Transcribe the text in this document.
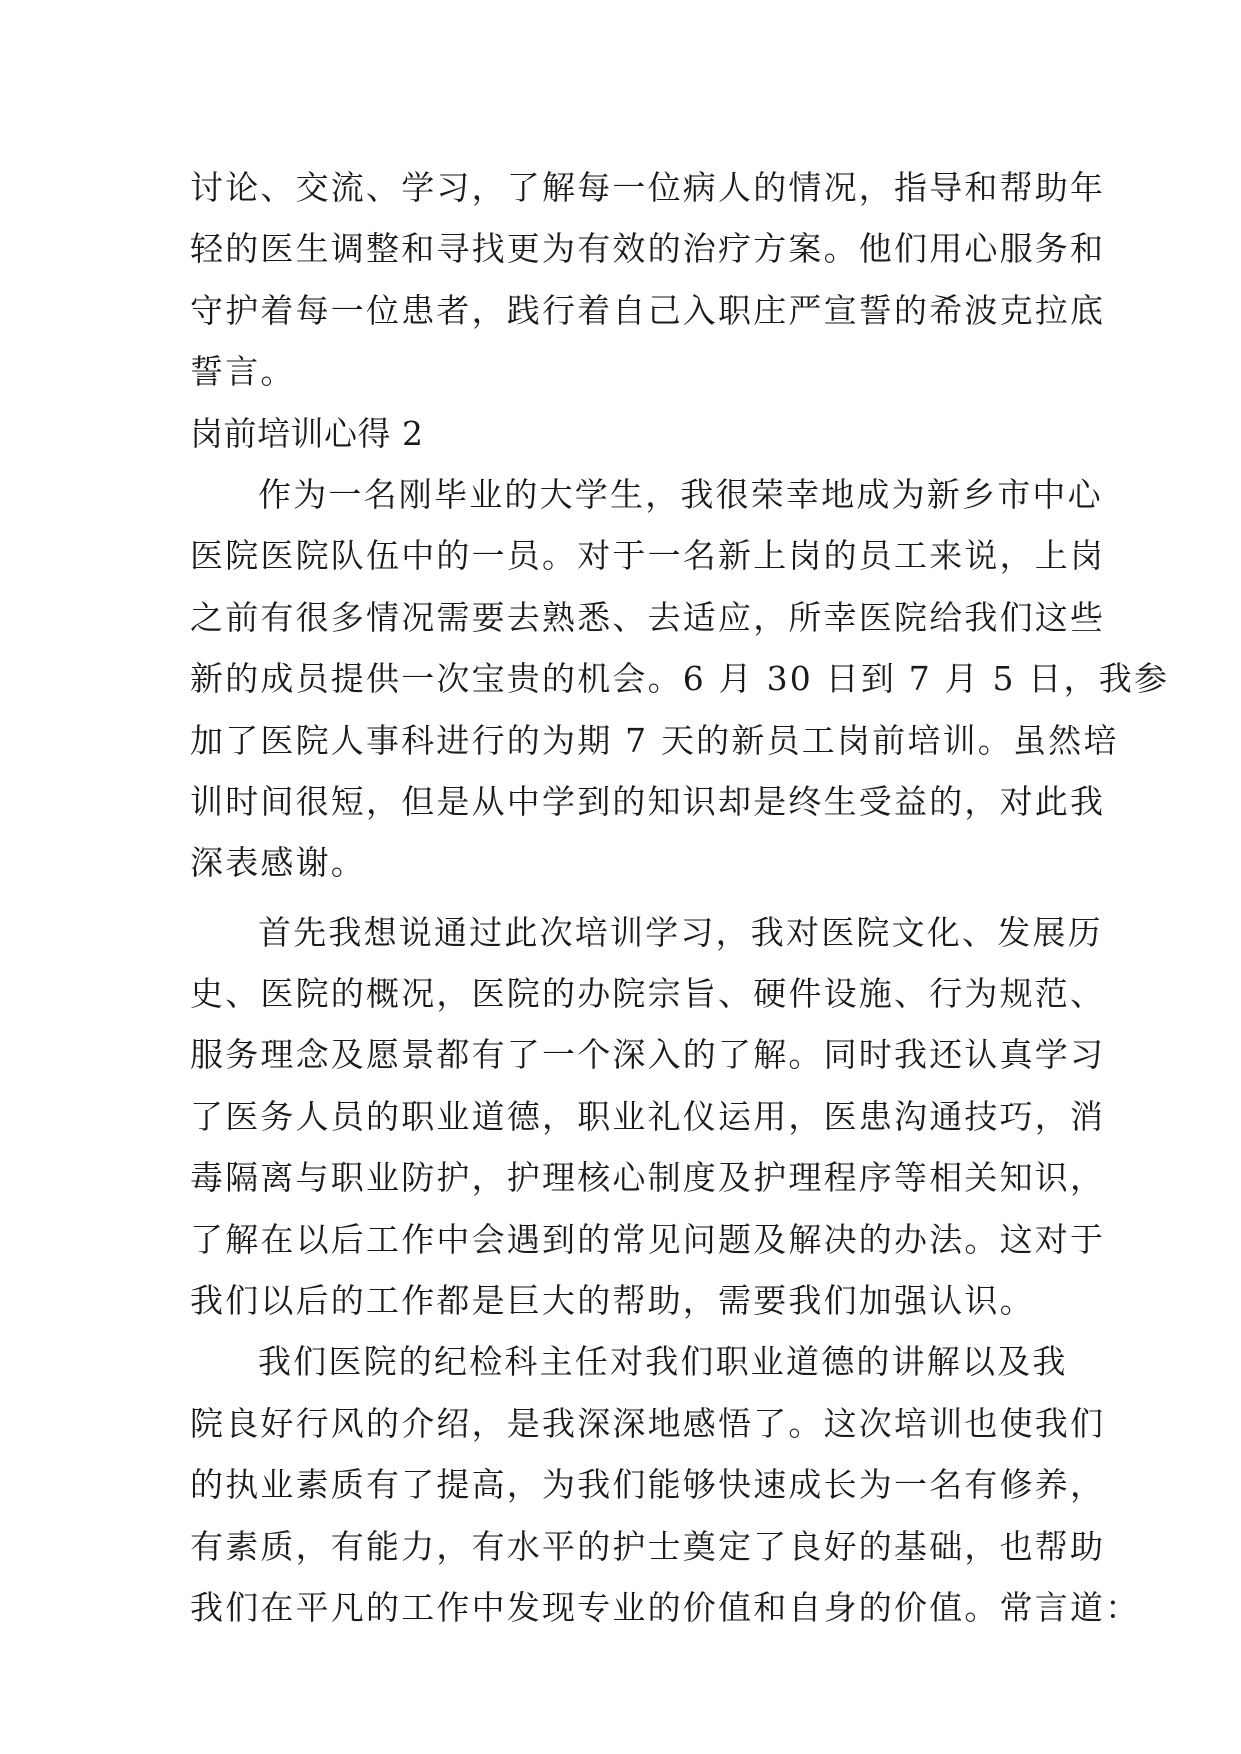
讨论、交流、学习，了解每一位病人的情况，指导和帮助年
轻的医生调整和寻找更为有效的治疗方案。他们用心服务和
守护着每一位患者，践行着自己入职庄严宣誓的希波克拉底
誓言。
岗前培训心得 2
作为一名刚毕业的大学生，我很荣幸地成为新乡市中心
医院医院队伍中的一员。对于一名新上岗的员工来说，上岗
之前有很多情况需要去熟悉、去适应，所幸医院给我们这些
新的成员提供一次宝贵的机会。6 月 30 日到 7 月 5 日，我参
加了医院人事科进行的为期 7 天的新员工岗前培训。虽然培
训时间很短，但是从中学到的知识却是终生受益的，对此我
深表感谢。
首先我想说通过此次培训学习，我对医院文化、发展历
史、医院的概况，医院的办院宗旨、硬件设施、行为规范、
服务理念及愿景都有了一个深入的了解。同时我还认真学习
了医务人员的职业道德，职业礼仪运用，医患沟通技巧，消
毒隔离与职业防护，护理核心制度及护理程序等相关知识，
了解在以后工作中会遇到的常见问题及解决的办法。这对于
我们以后的工作都是巨大的帮助，需要我们加强认识。
我们医院的纪检科主任对我们职业道德的讲解以及我
院良好行风的介绍，是我深深地感悟了。这次培训也使我们
的执业素质有了提高，为我们能够快速成长为一名有修养，
有素质，有能力，有水平的护士奠定了良好的基础，也帮助
我们在平凡的工作中发现专业的价值和自身的价值。常言道：
